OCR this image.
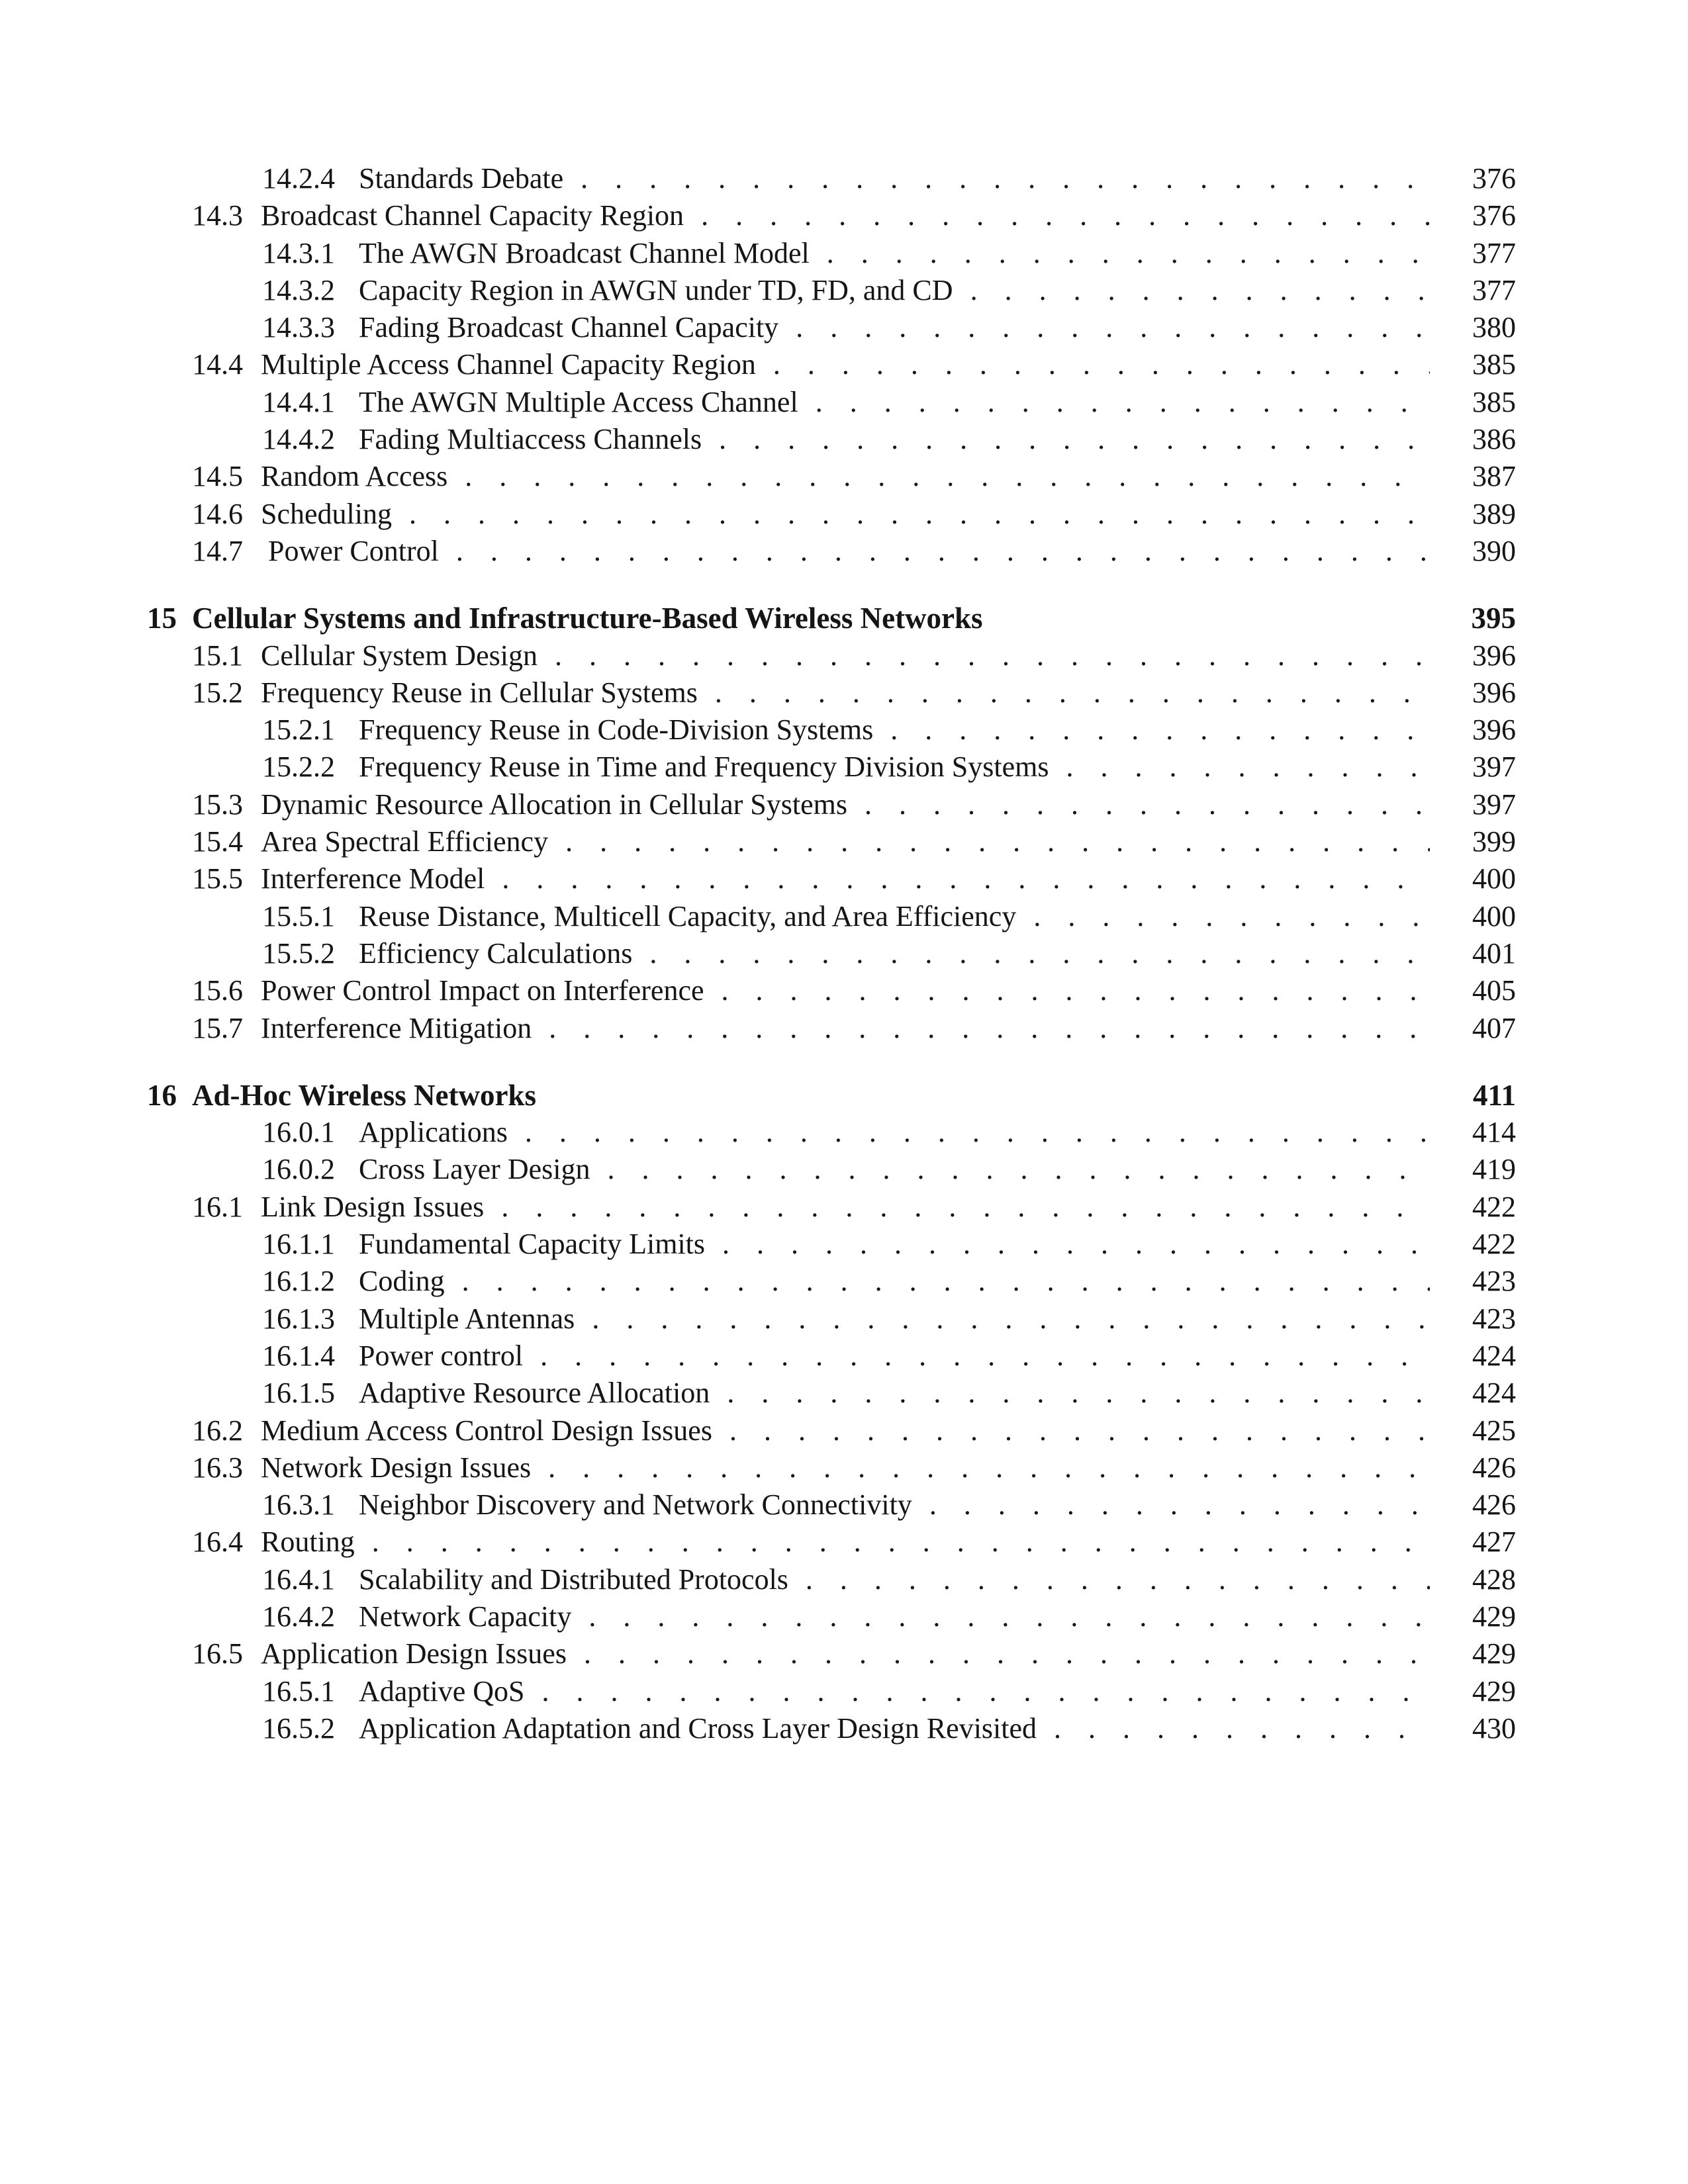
14.2.4 Standards Debate . . .	376
14.3 Broadcast Channel Capacity Region . . .	376
14.3.1 The AWGN Broadcast Channel Model . . .	377
14.3.2 Capacity Region in AWGN under TD, FD, and CD . . .	377
14.3.3 Fading Broadcast Channel Capacity . . .	380
14.4 Multiple Access Channel Capacity Region . . .	385
14.4.1 The AWGN Multiple Access Channel . . .	385
14.4.2 Fading Multiaccess Channels . . .	386
14.5 Random Access . . .	387
14.6 Scheduling . . .	389
14.7 Power Control . . .	390
15 Cellular Systems and Infrastructure-Based Wireless Networks	395
15.1 Cellular System Design . . .	396
15.2 Frequency Reuse in Cellular Systems . . .	396
15.2.1 Frequency Reuse in Code-Division Systems . . .	396
15.2.2 Frequency Reuse in Time and Frequency Division Systems . . .	397
15.3 Dynamic Resource Allocation in Cellular Systems . . .	397
15.4 Area Spectral Efficiency . . .	399
15.5 Interference Model . . .	400
15.5.1 Reuse Distance, Multicell Capacity, and Area Efficiency . . .	400
15.5.2 Efficiency Calculations . . .	401
15.6 Power Control Impact on Interference . . .	405
15.7 Interference Mitigation . . .	407
16 Ad-Hoc Wireless Networks	411
16.0.1 Applications . . .	414
16.0.2 Cross Layer Design . . .	419
16.1 Link Design Issues . . .	422
16.1.1 Fundamental Capacity Limits . . .	422
16.1.2 Coding . . .	423
16.1.3 Multiple Antennas . . .	423
16.1.4 Power control . . .	424
16.1.5 Adaptive Resource Allocation . . .	424
16.2 Medium Access Control Design Issues . . .	425
16.3 Network Design Issues . . .	426
16.3.1 Neighbor Discovery and Network Connectivity . . .	426
16.4 Routing . . .	427
16.4.1 Scalability and Distributed Protocols . . .	428
16.4.2 Network Capacity . . .	429
16.5 Application Design Issues . . .	429
16.5.1 Adaptive QoS . . .	429
16.5.2 Application Adaptation and Cross Layer Design Revisited . . .	430
